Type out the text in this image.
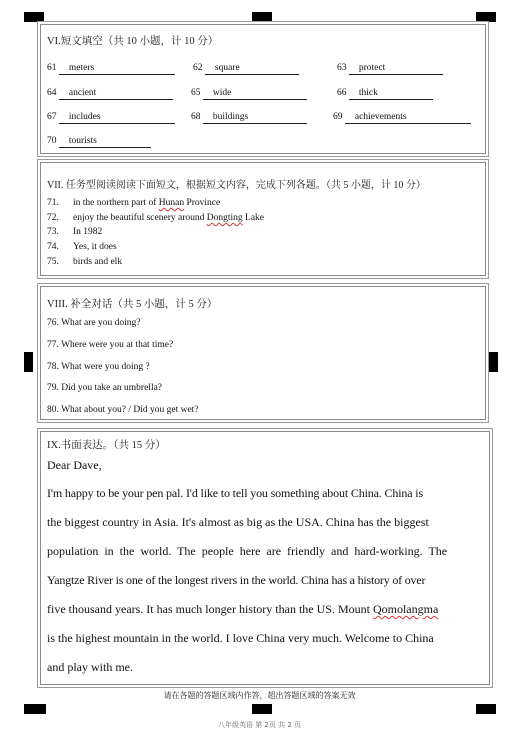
VI.短文填空（共 10 小题，计 10 分）
61 meters	62 square	63 protect
64 ancient	65 wide	66 thick
67 includes	68 buildings	69 achievements
70 tourists
VII. 任务型阅读阅读下面短文，根据短文内容，完成下列各题。（共 5 小题，计 10 分）
71. in the northern part of Hunan Province
72. enjoy the beautiful scenery around Dongting Lake
73. In 1982
74. Yes, it does
75. birds and elk
VIII. 补全对话（共 5 小题，计 5 分）
76. What are you doing?
77. Where were you at that time?
78. What were you doing ?
79. Did you take an umbrella?
80. What about you? / Did you get wet?
IX.书面表达。（共 15 分）
Dear Dave,
I'm happy to be your pen pal. I'd like to tell you something about China. China is
the biggest country in Asia. It's almost as big as the USA. China has the biggest
population in the world. The people here are friendly and hard-working. The
Yangtze River is one of the longest rivers in the world. China has a history of over
five thousand years. It has much longer history than the US. Mount Qomolangma
is the highest mountain in the world. I love China very much. Welcome to China
and play with me.
请在各题的答题区域内作答，超出答题区域的答案无效
八年级英语 第 2页 共 2 页
